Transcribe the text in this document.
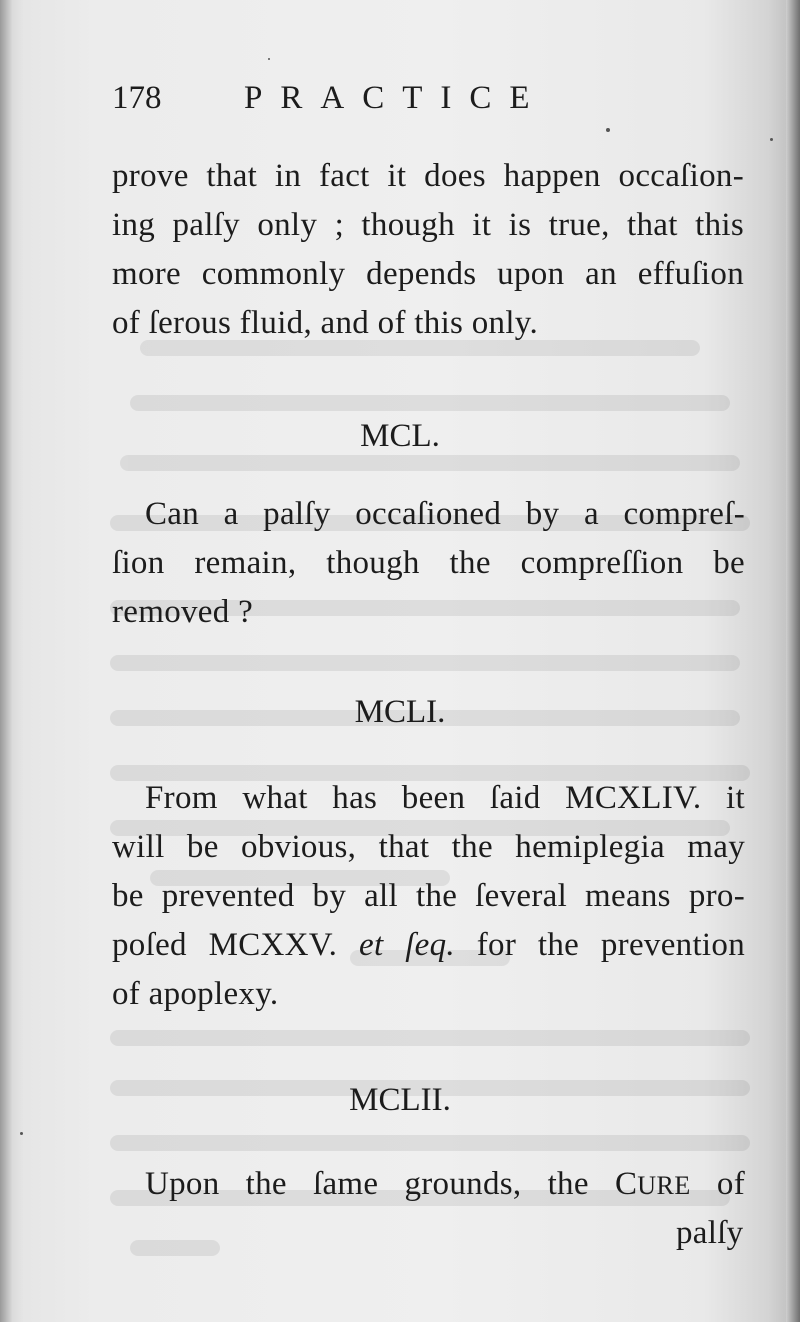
178	PRACTICE
prove that in fact it does happen occaſion-
ing palſy only ; though it is true, that this
more commonly depends upon an effuſion
of ſerous fluid, and of this only.
MCL.
Can a palſy occaſioned by a compreſ-
ſion remain, though the compreſſion be
removed ?
MCLI.
From what has been ſaid MCXLIV. it
will be obvious, that the hemiplegia may
be prevented by all the ſeveral means pro-
poſed MCXXV. et ſeq. for the prevention
of apoplexy.
MCLII.
Upon the ſame grounds, the CURE of
palſy
